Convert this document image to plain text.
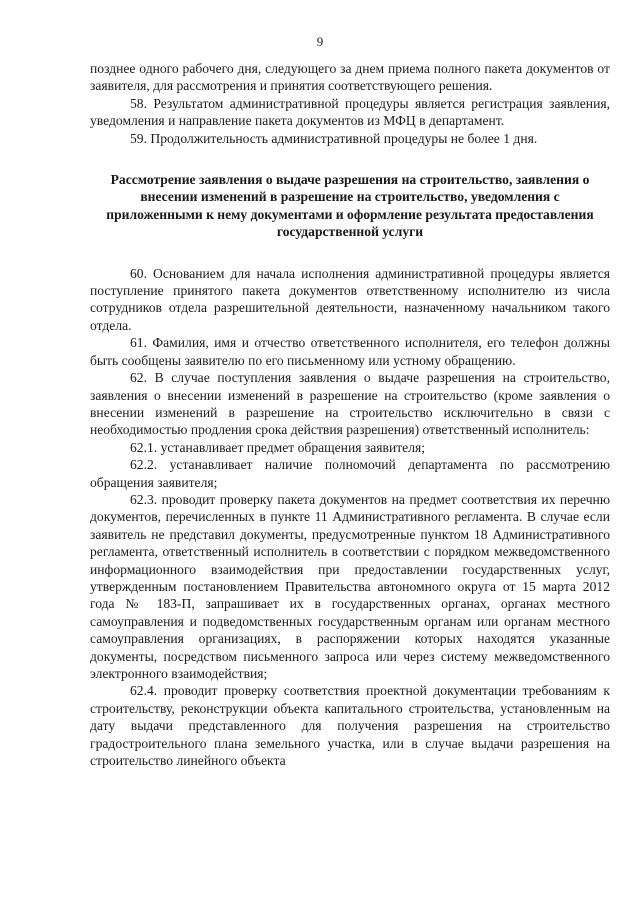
9

позднее одного рабочего дня, следующего за днем приема полного пакета документов от заявителя, для рассмотрения и принятия соответствующего решения.

58. Результатом административной процедуры является регистрация заявления, уведомления и направление пакета документов из МФЦ в департамент.

59. Продолжительность административной процедуры не более 1 дня.

Рассмотрение заявления о выдаче разрешения на строительство, заявления о внесении изменений в разрешение на строительство, уведомления с приложенными к нему документами и оформление результата предоставления государственной услуги

60. Основанием для начала исполнения административной процедуры является поступление принятого пакета документов ответственному исполнителю из числа сотрудников отдела разрешительной деятельности, назначенному начальником такого отдела.

61. Фамилия, имя и отчество ответственного исполнителя, его телефон должны быть сообщены заявителю по его письменному или устному обращению.

62. В случае поступления заявления о выдаче разрешения на строительство, заявления о внесении изменений в разрешение на строительство (кроме заявления о внесении изменений в разрешение на строительство исключительно в связи с необходимостью продления срока действия разрешения) ответственный исполнитель:

62.1. устанавливает предмет обращения заявителя;

62.2. устанавливает наличие полномочий департамента по рассмотрению обращения заявителя;

62.3. проводит проверку пакета документов на предмет соответствия их перечню документов, перечисленных в пункте 11 Административного регламента. В случае если заявитель не представил документы, предусмотренные пунктом 18 Административного регламента, ответственный исполнитель в соответствии с порядком межведомственного информационного взаимодействия при предоставлении государственных услуг, утвержденным постановлением Правительства автономного округа от 15 марта 2012 года № 183-П, запрашивает их в государственных органах, органах местного самоуправления и подведомственных государственным органам или органам местного самоуправления организациях, в распоряжении которых находятся указанные документы, посредством письменного запроса или через систему межведомственного электронного взаимодействия;

62.4. проводит проверку соответствия проектной документации требованиям к строительству, реконструкции объекта капитального строительства, установленным на дату выдачи представленного для получения разрешения на строительство градостроительного плана земельного участка, или в случае выдачи разрешения на строительство линейного объекта
